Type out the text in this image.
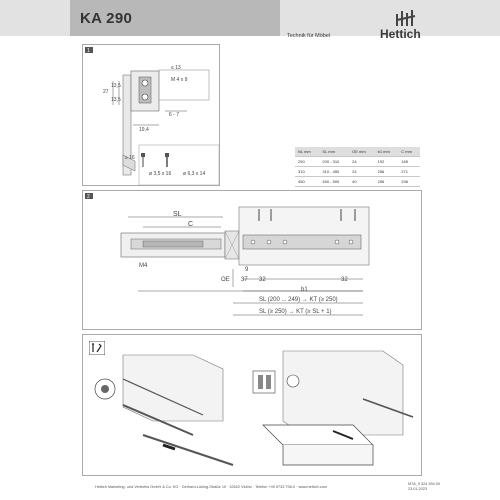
KA 290
Technik für Möbel	Hettich
1
≤ 13
M 4 x 9
27
13,5
13,5
6 - 7
19,4
≥ 16
ø 3,5 x 16 ø 6,3 x 14
NL mm	SL mm	OE mm	b1 mm	C mm
250	200 - 310	24	192	165
310	310 - 450	24	256	271
450	450 - 500	40	256	296
2
SL
C
M4
OE
9
37 32	32
b1
SL (200 ... 249) → KT (≥ 250)
SL (≥ 250) → KT (≥ SL + 1)
Hettich Marketing- und Vertriebs GmbH & Co. KG · Gerhard-Lüking-Straße 10 · 32602 Vlotho · Telefon +49 5733 798-0 · www.hettich.com
MTA_9 324 394 00
23.01.2023
